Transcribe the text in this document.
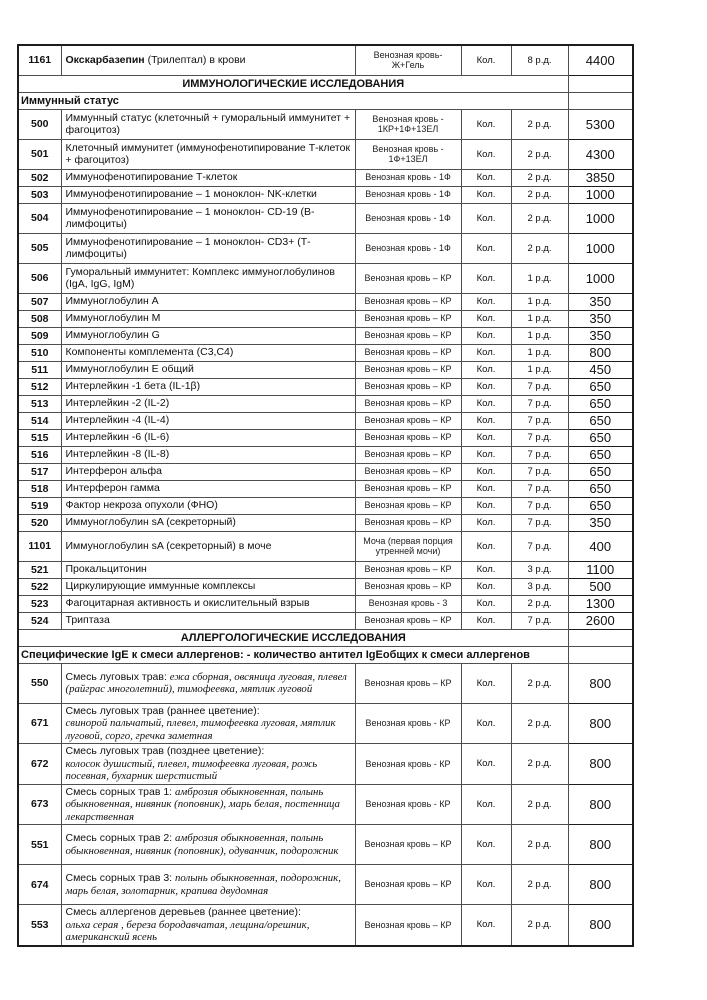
1161	Окскарбазепин (Трилептал) в крови	Венозная кровь- Ж+Гель	Кол.	8 р.д.	4400
ИММУНОЛОГИЧЕСКИЕ ИССЛЕДОВАНИЯ					
Иммунный статус					
500	Иммунный статус (клеточный + гуморальный иммунитет + фагоцитоз)	Венозная кровь - 1КР+1Ф+13ЕЛ	Кол.	2 р.д.	5300
501	Клеточный иммунитет (иммунофенотипирование Т-клеток + фагоцитоз)	Венозная кровь - 1Ф+13ЕЛ	Кол.	2 р.д.	4300
502	Иммунофенотипирование Т-клеток	Венозная кровь - 1Ф	Кол.	2 р.д.	3850
503	Иммунофенотипирование – 1 моноклон- NK-клетки	Венозная кровь - 1Ф	Кол.	2 р.д.	1000
504	Иммунофенотипирование – 1 моноклон- CD-19 (В-лимфоциты)	Венозная кровь - 1Ф	Кол.	2 р.д.	1000
505	Иммунофенотипирование – 1 моноклон- CD3+ (Т-лимфоциты)	Венозная кровь - 1Ф	Кол.	2 р.д.	1000
506	Гуморальный иммунитет: Комплекс иммуноглобулинов (IgA, IgG, IgM)	Венозная кровь – КР	Кол.	1 р.д.	1000
507	Иммуноглобулин А	Венозная кровь – КР	Кол.	1 р.д.	350
508	Иммуноглобулин М	Венозная кровь – КР	Кол.	1 р.д.	350
509	Иммуноглобулин G	Венозная кровь – КР	Кол.	1 р.д.	350
510	Компоненты комплемента (С3,С4)	Венозная кровь – КР	Кол.	1 р.д.	800
511	Иммуноглобулин Е общий	Венозная кровь – КР	Кол.	1 р.д.	450
512	Интерлейкин -1 бета (IL-1β)	Венозная кровь – КР	Кол.	7 р.д.	650
513	Интерлейкин -2 (IL-2)	Венозная кровь – КР	Кол.	7 р.д.	650
514	Интерлейкин -4 (IL-4)	Венозная кровь – КР	Кол.	7 р.д.	650
515	Интерлейкин -6 (IL-6)	Венозная кровь – КР	Кол.	7 р.д.	650
516	Интерлейкин -8 (IL-8)	Венозная кровь – КР	Кол.	7 р.д.	650
517	Интерферон альфа	Венозная кровь – КР	Кол.	7 р.д.	650
518	Интерферон гамма	Венозная кровь – КР	Кол.	7 р.д.	650
519	Фактор некроза опухоли (ФНО)	Венозная кровь – КР	Кол.	7 р.д.	650
520	Иммуноглобулин sA (секреторный)	Венозная кровь – КР	Кол.	7 р.д.	350
1101	Иммуноглобулин sA (секреторный) в моче	Моча (первая порция утренней мочи)	Кол.	7 р.д.	400
521	Прокальцитонин	Венозная кровь – КР	Кол.	3 р.д.	1100
522	Циркулирующие иммунные комплексы	Венозная кровь – КР	Кол.	3 р.д.	500
523	Фагоцитарная активность и окислительный взрыв	Венозная кровь - 3	Кол.	2 р.д.	1300
524	Триптаза	Венозная кровь – КР	Кол.	7 р.д.	2600
АЛЛЕРГОЛОГИЧЕСКИЕ ИССЛЕДОВАНИЯ					
Специфические IgE к смеси аллергенов: - количество антител IgEобщих к смеси аллергенов					
550	Смесь луговых трав: ежа сборная, овсяница луговая, плевел (райграс многолетний), тимофеевка, мятлик луговой	Венозная кровь – КР	Кол.	2 р.д.	800
671	Смесь луговых трав (раннее цветение):
свинорой пальчатый, плевел, тимофеевка луговая, мятлик луговой, сорго, гречка заметная	Венозная кровь - КР	Кол.	2 р.д.	800
672	Смесь луговых трав (позднее цветение):
колосок душистый, плевел, тимофеевка луговая, рожь посевная, бухарник шерстистый	Венозная кровь - КР	Кол.	2 р.д.	800
673	Смесь сорных трав 1: амброзия обыкновенная, полынь обыкновенная, нивяник (поповник), марь белая, постенница лекарственная	Венозная кровь - КР	Кол.	2 р.д.	800
551	Смесь сорных трав 2: амброзия обыкновенная, полынь обыкновенная, нивяник (поповник), одуванчик, подорожник	Венозная кровь – КР	Кол.	2 р.д.	800
674	Смесь сорных трав 3: полынь обыкновенная, подорожник, марь белая, золотарник, крапива двудомная	Венозная кровь – КР	Кол.	2 р.д.	800
553	Смесь аллергенов деревьев (раннее цветение):
ольха серая , береза бородавчатая, лещина/орешник, американский ясень	Венозная кровь – КР	Кол.	2 р.д.	800
